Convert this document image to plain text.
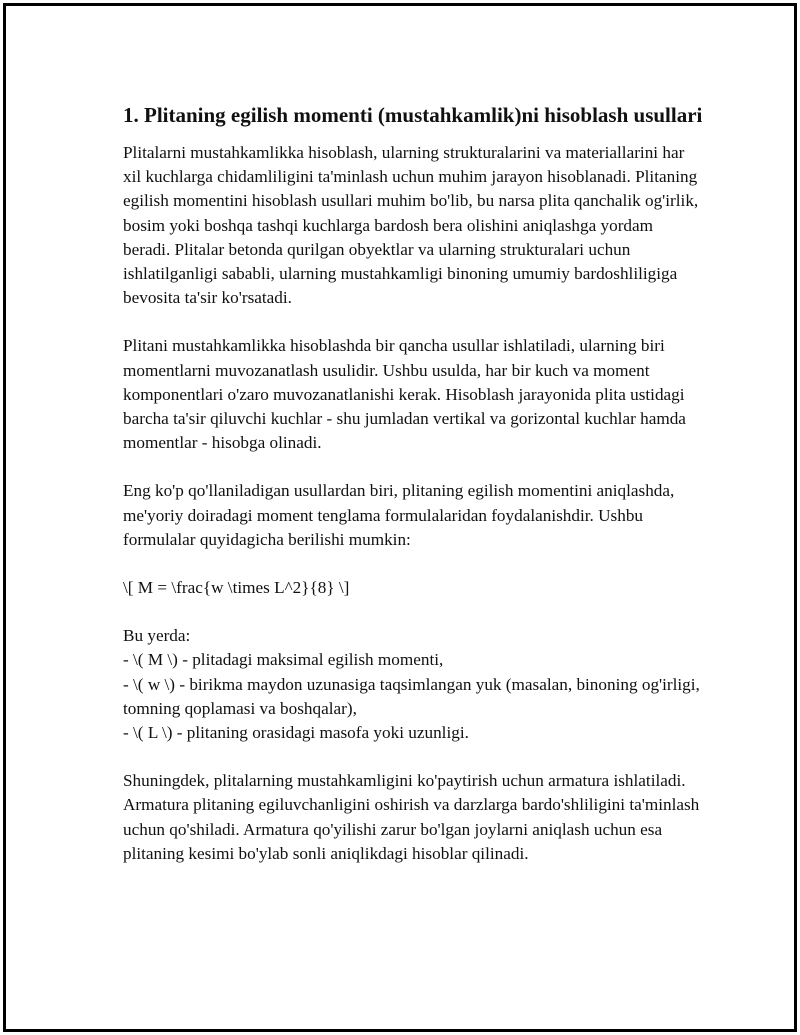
1. Plitaning egilish momenti (mustahkamlik)ni hisoblash usullari

Plitalarni mustahkamlikka hisoblash, ularning strukturalarini va materiallarini har xil kuchlarga chidamliligini ta'minlash uchun muhim jarayon hisoblanadi. Plitaning egilish momentini hisoblash usullari muhim bo'lib, bu narsa plita qanchalik og'irlik, bosim yoki boshqa tashqi kuchlarga bardosh bera olishini aniqlashga yordam beradi. Plitalar betonda qurilgan obyektlar va ularning strukturalari uchun ishlatilganligi sababli, ularning mustahkamligi binoning umumiy bardoshliligiga bevosita ta'sir ko'rsatadi.

Plitani mustahkamlikka hisoblashda bir qancha usullar ishlatiladi, ularning biri momentlarni muvozanatlash usulidir. Ushbu usulda, har bir kuch va moment komponentlari o'zaro muvozanatlanishi kerak. Hisoblash jarayonida plita ustidagi barcha ta'sir qiluvchi kuchlar - shu jumladan vertikal va gorizontal kuchlar hamda momentlar - hisobga olinadi.

Eng ko'p qo'llaniladigan usullardan biri, plitaning egilish momentini aniqlashda, me'yoriy doiradagi moment tenglama formulalaridan foydalanishdir. Ushbu formulalar quyidagicha berilishi mumkin:

\[ M = \frac{w \times L^2}{8} \]

Bu yerda:

- \( M \) - plitadagi maksimal egilish momenti,

- \( w \) - birikma maydon uzunasiga taqsimlangan yuk (masalan, binoning og'irligi, tomning qoplamasi va boshqalar),

- \( L \) - plitaning orasidagi masofa yoki uzunligi.

Shuningdek, plitalarning mustahkamligini ko'paytirish uchun armatura ishlatiladi. Armatura plitaning egiluvchanligini oshirish va darzlarga bardo'shliligini ta'minlash uchun qo'shiladi. Armatura qo'yilishi zarur bo'lgan joylarni aniqlash uchun esa plitaning kesimi bo'ylab sonli aniqlikdagi hisoblar qilinadi.
